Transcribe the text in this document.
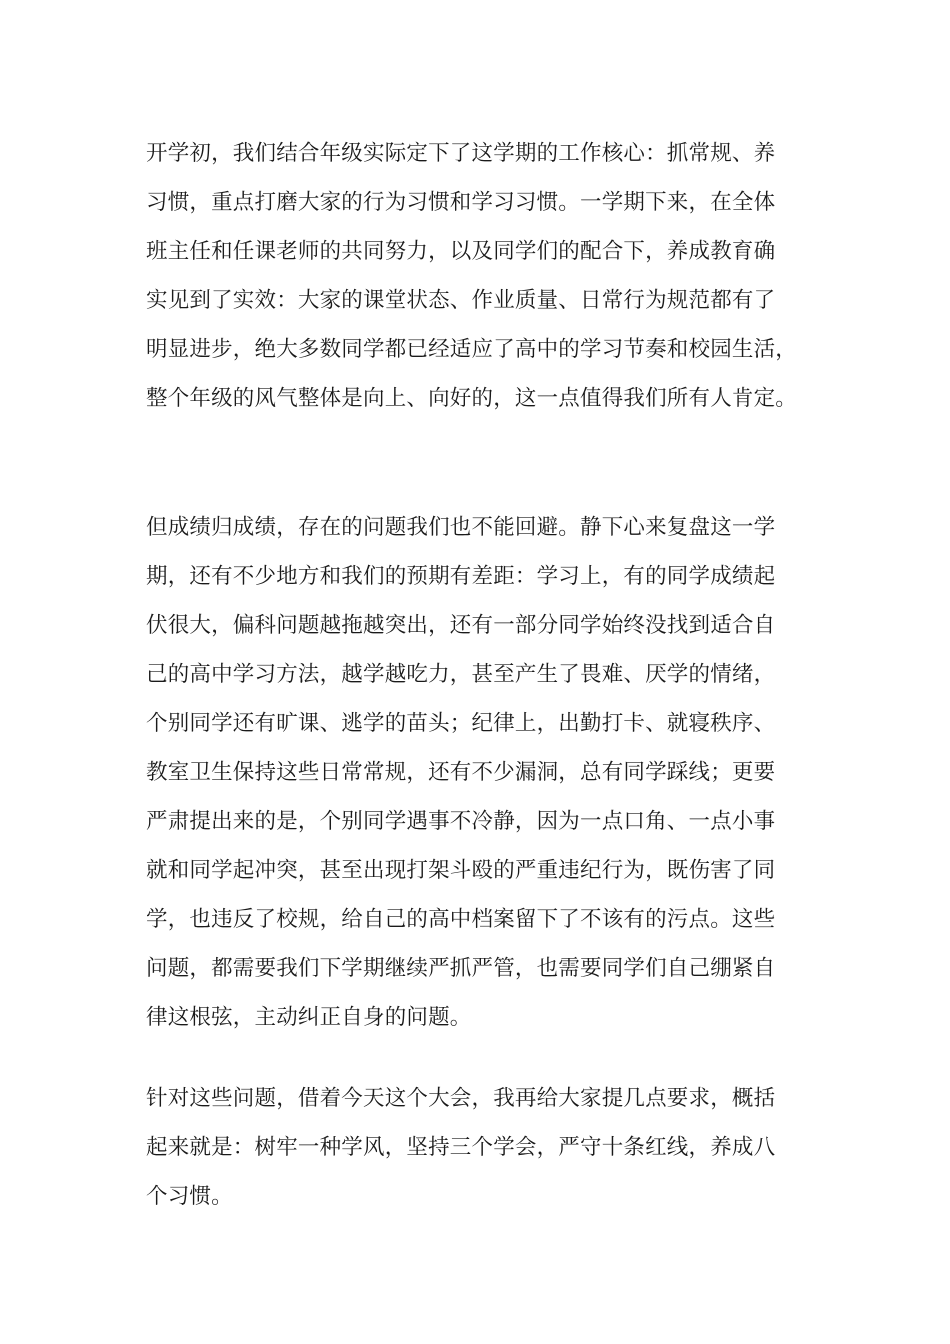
开学初，我们结合年级实际定下了这学期的工作核心：抓常规、养
习惯，重点打磨大家的行为习惯和学习习惯。一学期下来，在全体
班主任和任课老师的共同努力，以及同学们的配合下，养成教育确
实见到了实效：大家的课堂状态、作业质量、日常行为规范都有了
明显进步，绝大多数同学都已经适应了高中的学习节奏和校园生活，
整个年级的风气整体是向上、向好的，这一点值得我们所有人肯定。

但成绩归成绩，存在的问题我们也不能回避。静下心来复盘这一学
期，还有不少地方和我们的预期有差距：学习上，有的同学成绩起
伏很大，偏科问题越拖越突出，还有一部分同学始终没找到适合自
己的高中学习方法，越学越吃力，甚至产生了畏难、厌学的情绪，
个别同学还有旷课、逃学的苗头；纪律上，出勤打卡、就寝秩序、
教室卫生保持这些日常常规，还有不少漏洞，总有同学踩线；更要
严肃提出来的是，个别同学遇事不冷静，因为一点口角、一点小事
就和同学起冲突，甚至出现打架斗殴的严重违纪行为，既伤害了同
学，也违反了校规，给自己的高中档案留下了不该有的污点。这些
问题，都需要我们下学期继续严抓严管，也需要同学们自己绷紧自
律这根弦，主动纠正自身的问题。

针对这些问题，借着今天这个大会，我再给大家提几点要求，概括
起来就是：树牢一种学风，坚持三个学会，严守十条红线，养成八
个习惯。
